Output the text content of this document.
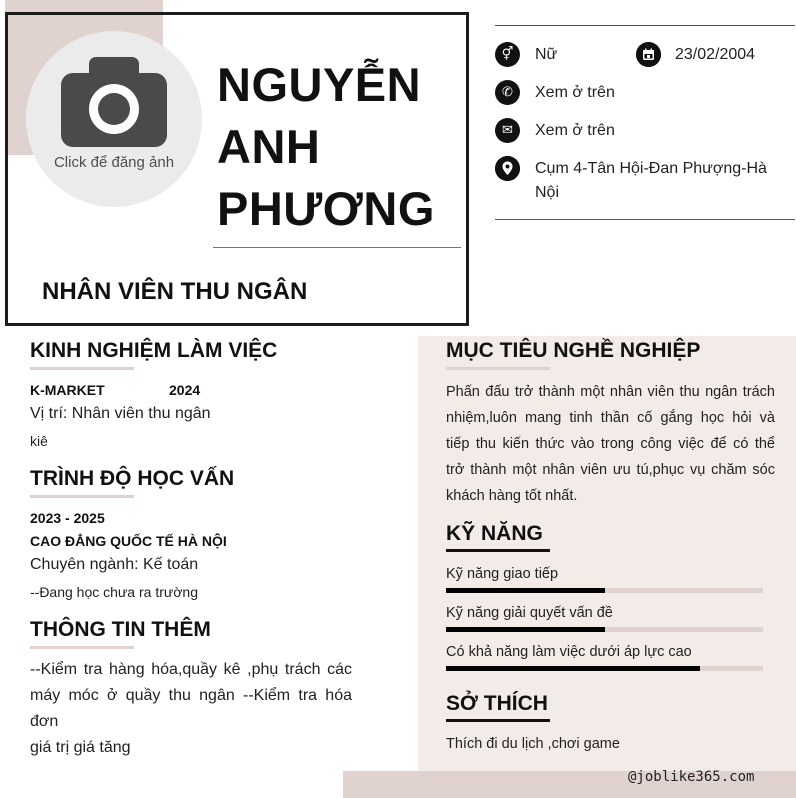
Click để đăng ảnh
NGUYỄN
ANH
PHƯƠNG
NHÂN VIÊN THU NGÂN
⚥	Nữ	23/02/2004
✆	Xem ở trên
✉	Xem ở trên
Cụm 4-Tân Hội-Đan Phượng-Hà
Nội
KINH NGHIỆM LÀM VIỆC
K-MARKET	2024
Vị trí: Nhân viên thu ngân
kiê
TRÌNH ĐỘ HỌC VẤN
2023 - 2025
CAO ĐẲNG QUỐC TẾ HÀ NỘI
Chuyên ngành: Kế toán
--Đang học chưa ra trường
THÔNG TIN THÊM
--Kiểm tra hàng hóa,quầy kê ,phụ trách các
máy móc ở quầy thu ngân --Kiểm tra hóa đơn
giá trị giá tăng
MỤC TIÊU NGHỀ NGHIỆP
Phấn đấu trở thành một nhân viên thu ngân trách
nhiệm,luôn mang tinh thần cố gắng học hỏi và
tiếp thu kiến thức vào trong công việc để có thể
trở thành một nhân viên ưu tú,phục vụ chăm sóc
khách hàng tốt nhất.
KỸ NĂNG
Kỹ năng giao tiếp
Kỹ năng giải quyết vấn đề
Có khả năng làm việc dưới áp lực cao
SỞ THÍCH
Thích đi du lịch ,chơi game
@joblike365.com
